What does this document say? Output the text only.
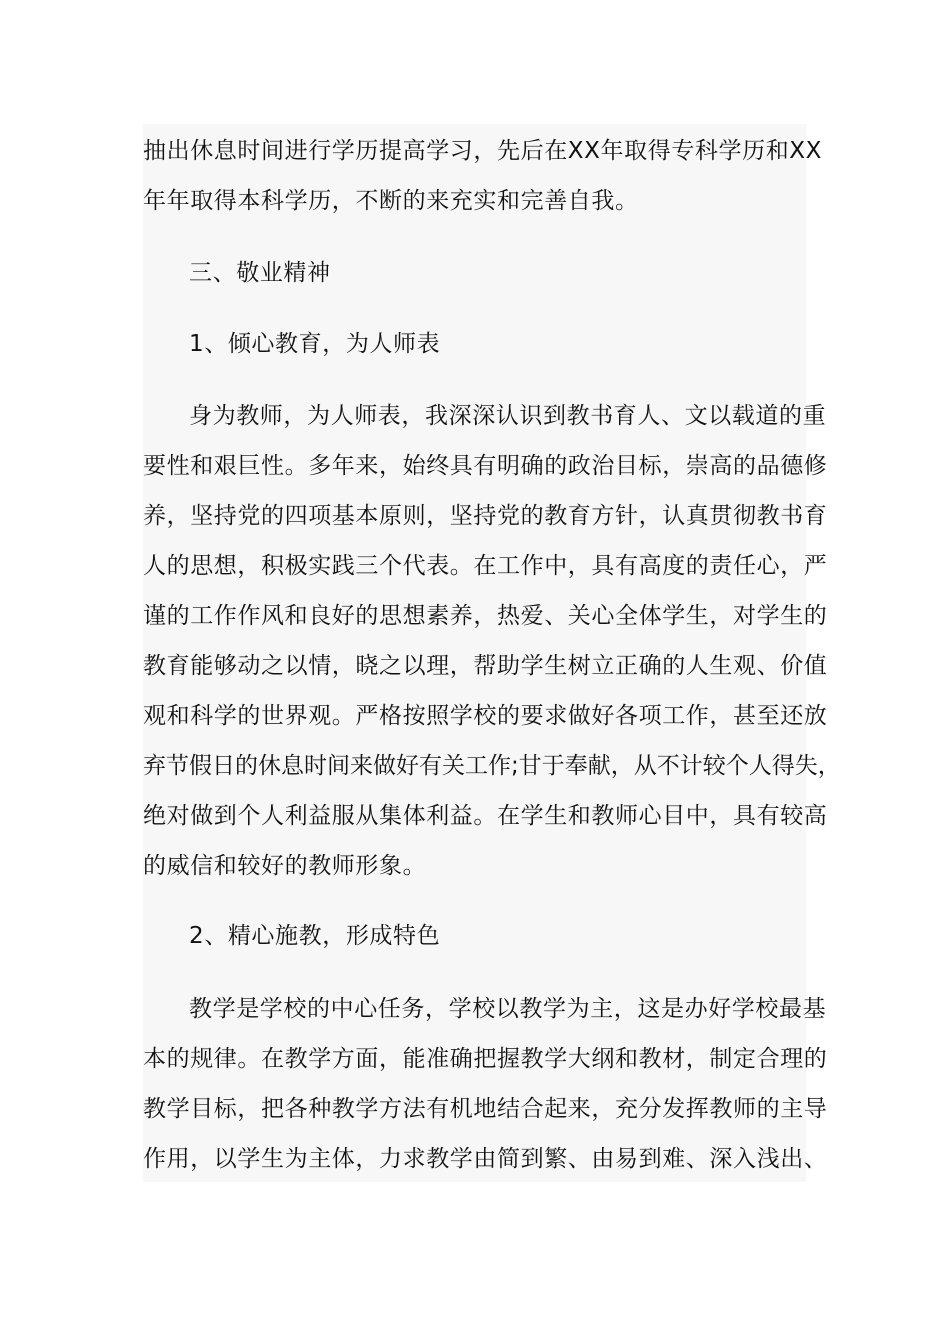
抽出休息时间进行学历提高学习，先后在XX年取得专科学历和XX
年年取得本科学历，不断的来充实和完善自我。
三、敬业精神
1、倾心教育，为人师表
身为教师，为人师表，我深深认识到教书育人、文以载道的重
要性和艰巨性。多年来，始终具有明确的政治目标，崇高的品德修
养，坚持党的四项基本原则，坚持党的教育方针，认真贯彻教书育
人的思想，积极实践三个代表。在工作中，具有高度的责任心，严
谨的工作作风和良好的思想素养，热爱、关心全体学生，对学生的
教育能够动之以情，晓之以理，帮助学生树立正确的人生观、价值
观和科学的世界观。严格按照学校的要求做好各项工作，甚至还放
弃节假日的休息时间来做好有关工作;甘于奉献，从不计较个人得失，
绝对做到个人利益服从集体利益。在学生和教师心目中，具有较高
的威信和较好的教师形象。
2、精心施教，形成特色
教学是学校的中心任务，学校以教学为主，这是办好学校最基
本的规律。在教学方面，能准确把握教学大纲和教材，制定合理的
教学目标，把各种教学方法有机地结合起来，充分发挥教师的主导
作用，以学生为主体，力求教学由简到繁、由易到难、深入浅出、
